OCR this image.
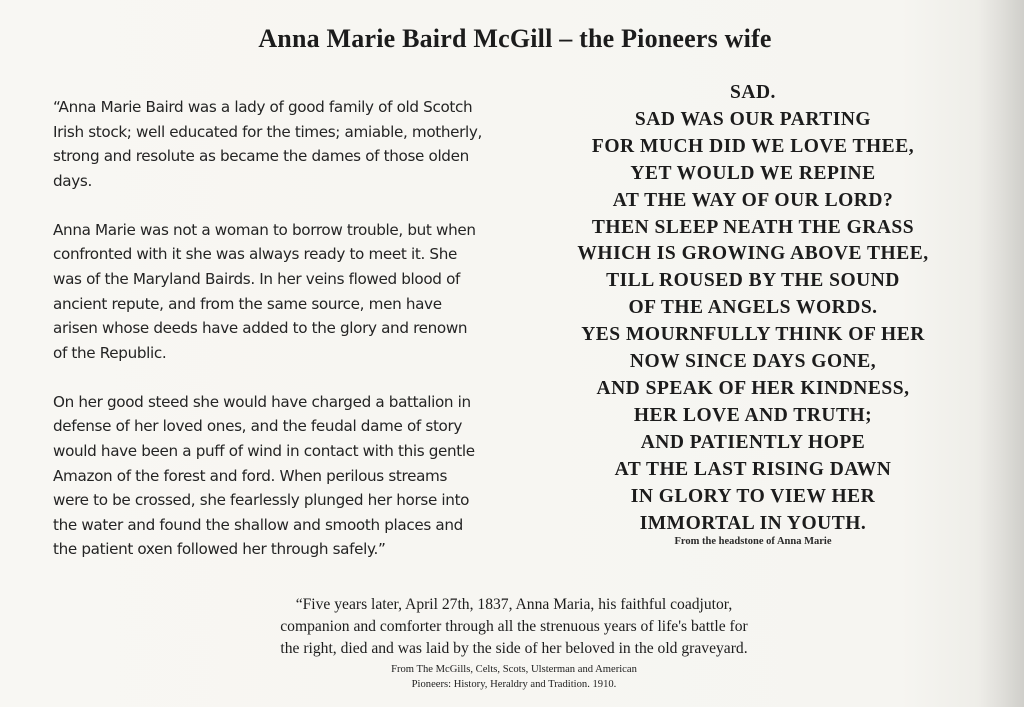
Anna Marie Baird McGill – the Pioneers wife

“Anna Marie Baird was a lady of good family of old Scotch
Irish stock; well educated for the times; amiable, motherly,
strong and resolute as became the dames of those olden
days.

Anna Marie was not a woman to borrow trouble, but when
confronted with it she was always ready to meet it. She
was of the Maryland Bairds. In her veins flowed blood of
ancient repute, and from the same source, men have
arisen whose deeds have added to the glory and renown
of the Republic.

On her good steed she would have charged a battalion in
defense of her loved ones, and the feudal dame of story
would have been a puff of wind in contact with this gentle
Amazon of the forest and ford. When perilous streams
were to be crossed, she fearlessly plunged her horse into
the water and found the shallow and smooth places and
the patient oxen followed her through safely.”

SAD.
SAD WAS OUR PARTING
FOR MUCH DID WE LOVE THEE,
YET WOULD WE REPINE
AT THE WAY OF OUR LORD?
THEN SLEEP NEATH THE GRASS
WHICH IS GROWING ABOVE THEE,
TILL ROUSED BY THE SOUND
OF THE ANGELS WORDS.
YES MOURNFULLY THINK OF HER
NOW SINCE DAYS GONE,
AND SPEAK OF HER KINDNESS,
HER LOVE AND TRUTH;
AND PATIENTLY HOPE
AT THE LAST RISING DAWN
IN GLORY TO VIEW HER
IMMORTAL IN YOUTH.
From the headstone of Anna Marie
“Five years later, April 27th, 1837, Anna Maria, his faithful coadjutor,
companion and comforter through all the strenuous years of life's battle for
the right, died and was laid by the side of her beloved in the old graveyard.
From The McGills, Celts, Scots, Ulsterman and American
Pioneers: History, Heraldry and Tradition. 1910.
